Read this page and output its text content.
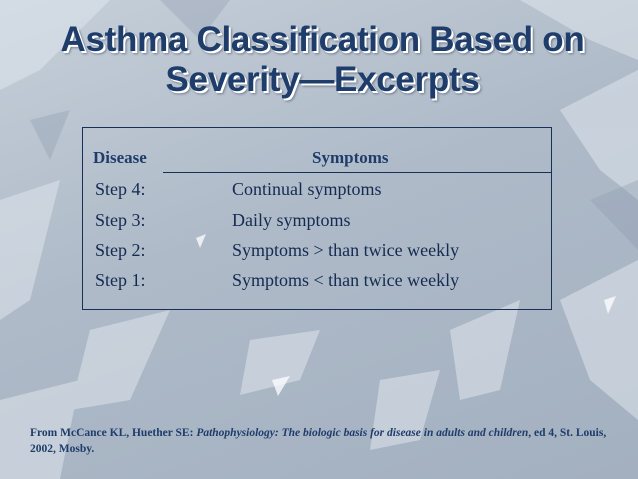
Asthma Classification Based on
Severity—Excerpts
Disease	Symptoms
Step 4:	Continual symptoms
Step 3:	Daily symptoms
Step 2:	Symptoms > than twice weekly
Step 1:	Symptoms < than twice weekly
From McCance KL, Huether SE: Pathophysiology: The biologic basis for disease in adults and children, ed 4, St. Louis, 2002, Mosby.
